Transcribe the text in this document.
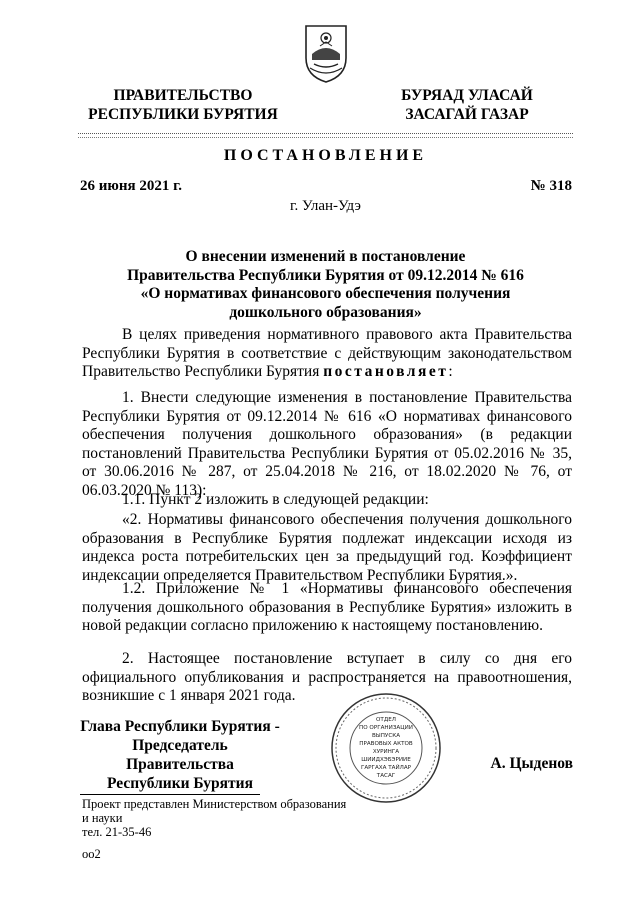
ПРАВИТЕЛЬСТВО
РЕСПУБЛИКИ БУРЯТИЯ
БУРЯАД УЛАСАЙ
ЗАСАГАЙ ГАЗАР
ПОСТАНОВЛЕНИЕ
26 июня 2021 г.	№ 318
г. Улан-Удэ
О внесении изменений в постановление
Правительства Республики Бурятия от 09.12.2014 № 616
«О нормативах финансового обеспечения получения
дошкольного образования»
В целях приведения нормативного правового акта Правительства Республики Бурятия в соответствие с действующим законодательством Правительство Республики Бурятия постановляет:
1. Внести следующие изменения в постановление Правительства Республики Бурятия от 09.12.2014 № 616 «О нормативах финансового обеспечения получения дошкольного образования» (в редакции постановлений Правительства Республики Бурятия от 05.02.2016 № 35, от 30.06.2016 № 287, от 25.04.2018 № 216, от 18.02.2020 № 76, от 06.03.2020 № 113):
1.1. Пункт 2 изложить в следующей редакции:
«2. Нормативы финансового обеспечения получения дошкольного образования в Республике Бурятия подлежат индексации исходя из индекса роста потребительских цен за предыдущий год. Коэффициент индексации определяется Правительством Республики Бурятия.».
1.2. Приложение № 1 «Нормативы финансового обеспечения получения дошкольного образования в Республике Бурятия» изложить в новой редакции согласно приложению к настоящему постановлению.
2. Настоящее постановление вступает в силу со дня его официального опубликования и распространяется на правоотношения, возникшие с 1 января 2021 года.
Глава Республики Бурятия -
Председатель Правительства
Республики Бурятия
ОТДЕЛ
ПО ОРГАНИЗАЦИИ
ВЫПУСКА
ПРАВОВЫХ АКТОВ
ХУРИНГА
ШИИДХЭБЭРИИЕ
ГАРГАХА ТАЙЛАР
ТАСАГ
А. Цыденов
Проект представлен Министерством образования
и науки
тел. 21-35-46
оо2
